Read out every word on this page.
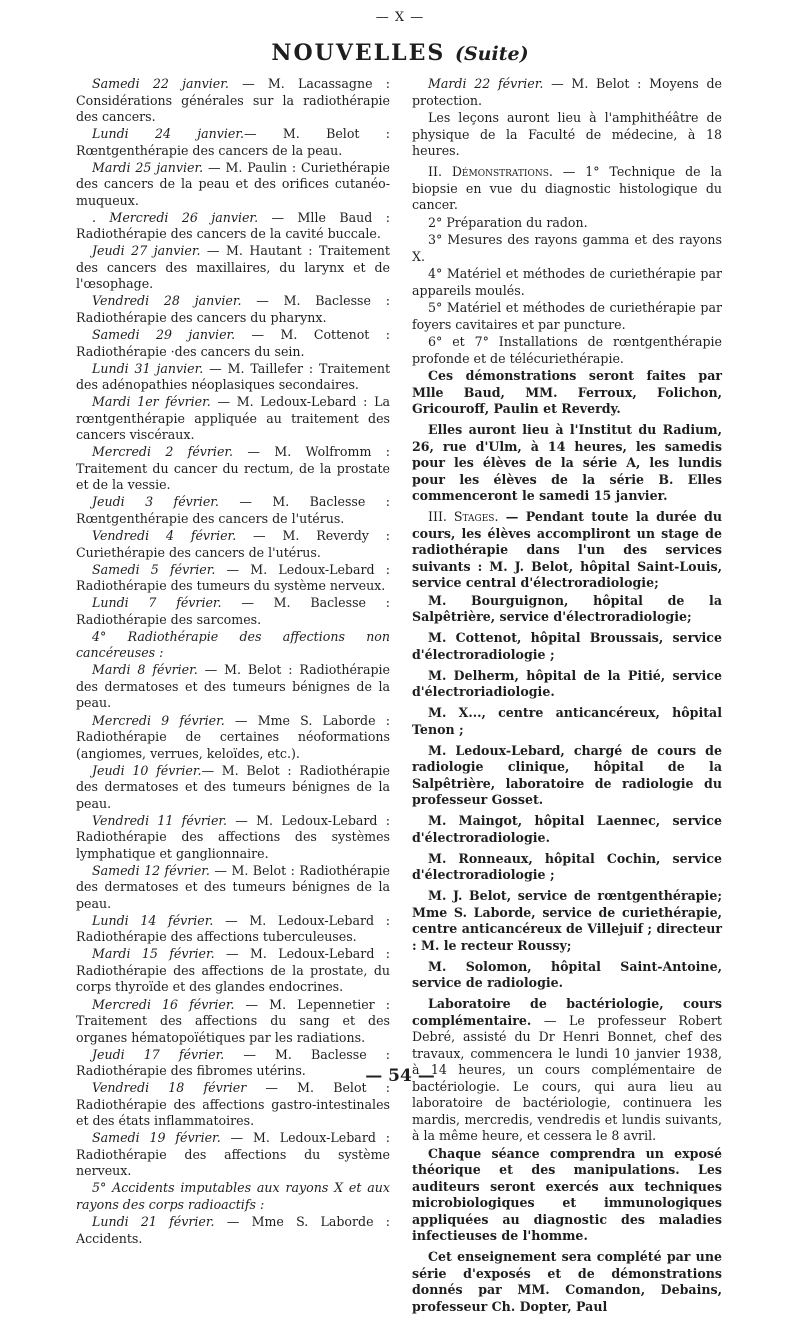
— X —
NOUVELLES (Suite)

Samedi 22 janvier. — M. Lacassagne : Considérations générales sur la radiothérapie des cancers.

Lundi 24 janvier.— M. Belot : Rœntgenthérapie des cancers de la peau.

Mardi 25 janvier. — M. Paulin : Curiethérapie des cancers de la peau et des orifices cutanéo-muqueux.

. Mercredi 26 janvier. — Mlle Baud : Radiothérapie des cancers de la cavité buccale.

Jeudi 27 janvier. — M. Hautant : Traitement des cancers des maxillaires, du larynx et de l'œsophage.

Vendredi 28 janvier. — M. Baclesse : Radiothérapie des cancers du pharynx.

Samedi 29 janvier. — M. Cottenot : Radiothérapie ·des cancers du sein.

Lundi 31 janvier. — M. Taillefer : Traitement des adénopathies néoplasiques secondaires.

Mardi 1er février. — M. Ledoux-Lebard : La rœntgenthérapie appliquée au traitement des cancers viscéraux.

Mercredi 2 février. — M. Wolfromm : Traitement du cancer du rectum, de la prostate et de la vessie.

Jeudi 3 février. — M. Baclesse : Rœntgenthérapie des cancers de l'utérus.

Vendredi 4 février. — M. Reverdy : Curiethérapie des cancers de l'utérus.

Samedi 5 février. — M. Ledoux-Lebard : Radiothérapie des tumeurs du système nerveux.

Lundi 7 février. — M. Baclesse : Radiothérapie des sarcomes.

4° Radiothérapie des affections non cancéreuses :

Mardi 8 février. — M. Belot : Radiothérapie des dermatoses et des tumeurs bénignes de la peau.

Mercredi 9 février. — Mme S. Laborde : Radiothérapie de certaines néoformations (angiomes, verrues, keloïdes, etc.).

Jeudi 10 février.— M. Belot : Radiothérapie des dermatoses et des tumeurs bénignes de la peau.

Vendredi 11 février. — M. Ledoux-Lebard : Radiothérapie des affections des systèmes lymphatique et ganglionnaire.

Samedi 12 février. — M. Belot : Radiothérapie des dermatoses et des tumeurs bénignes de la peau.

Lundi 14 février. — M. Ledoux-Lebard : Radiothérapie des affections tuberculeuses.

Mardi 15 février. — M. Ledoux-Lebard : Radiothérapie des affections de la prostate, du corps thyroïde et des glandes endocrines.

Mercredi 16 février. — M. Lepennetier : Traitement des affections du sang et des organes hématopoïétiques par les radiations.

Jeudi 17 février. — M. Baclesse : Radiothérapie des fibromes utérins.

Vendredi 18 février — M. Belot : Radiothérapie des affections gastro-intestinales et des états inflammatoires.

Samedi 19 février. — M. Ledoux-Lebard : Radiothérapie des affections du système nerveux.

5° Accidents imputables aux rayons X et aux rayons des corps radioactifs :

Lundi 21 février. — Mme S. Laborde : Accidents.

Mardi 22 février. — M. Belot : Moyens de protection.

Les leçons auront lieu à l'amphithéâtre de physique de la Faculté de médecine, à 18 heures.

II. Démonstrations. — 1° Technique de la biopsie en vue du diagnostic histologique du cancer.

2° Préparation du radon.

3° Mesures des rayons gamma et des rayons X.

4° Matériel et méthodes de curiethérapie par appareils moulés.

5° Matériel et méthodes de curiethérapie par foyers cavitaires et par puncture.

6° et 7° Installations de rœntgenthérapie profonde et de télécuriethérapie.

Ces démonstrations seront faites par Mlle Baud, MM. Ferroux, Folichon, Gricouroff, Paulin et Reverdy.

Elles auront lieu à l'Institut du Radium, 26, rue d'Ulm, à 14 heures, les samedis pour les élèves de la série A, les lundis pour les élèves de la série B. Elles commenceront le samedi 15 janvier.

III. Stages. — Pendant toute la durée du cours, les élèves accompliront un stage de radiothérapie dans l'un des services suivants : M. J. Belot, hôpital Saint-Louis, service central d'électroradiologie;

M. Bourguignon, hôpital de la Salpêtrière, service d'électroradiologie;

M. Cottenot, hôpital Broussais, service d'électroradiologie ;

M. Delherm, hôpital de la Pitié, service d'électroriadiologie.

M. X..., centre anticancéreux, hôpital Tenon ;

M. Ledoux-Lebard, chargé de cours de radiologie clinique, hôpital de la Salpêtrière, laboratoire de radiologie du professeur Gosset.

M. Maingot, hôpital Laennec, service d'électroradiologie.

M. Ronneaux, hôpital Cochin, service d'électroradiologie ;

M. J. Belot, service de rœntgenthérapie; Mme S. Laborde, service de curiethérapie, centre anticancéreux de Villejuif ; directeur : M. le recteur Roussy;

M. Solomon, hôpital Saint-Antoine, service de radiologie.

Laboratoire de bactériologie, cours complémentaire. — Le professeur Robert Debré, assisté du Dr Henri Bonnet, chef des travaux, commencera le lundi 10 janvier 1938, à 14 heures, un cours complémentaire de bactériologie. Le cours, qui aura lieu au laboratoire de bactériologie, continuera les mardis, mercredis, vendredis et lundis suivants, à la même heure, et cessera le 8 avril.

Chaque séance comprendra un exposé théorique et des manipulations. Les auditeurs seront exercés aux techniques microbiologiques et immunologiques appliquées au diagnostic des maladies infectieuses de l'homme.

Cet enseignement sera complété par une série d'exposés et de démonstrations donnés par MM. Comandon, Debains, professeur Ch. Dopter, Paul

— 54 —
